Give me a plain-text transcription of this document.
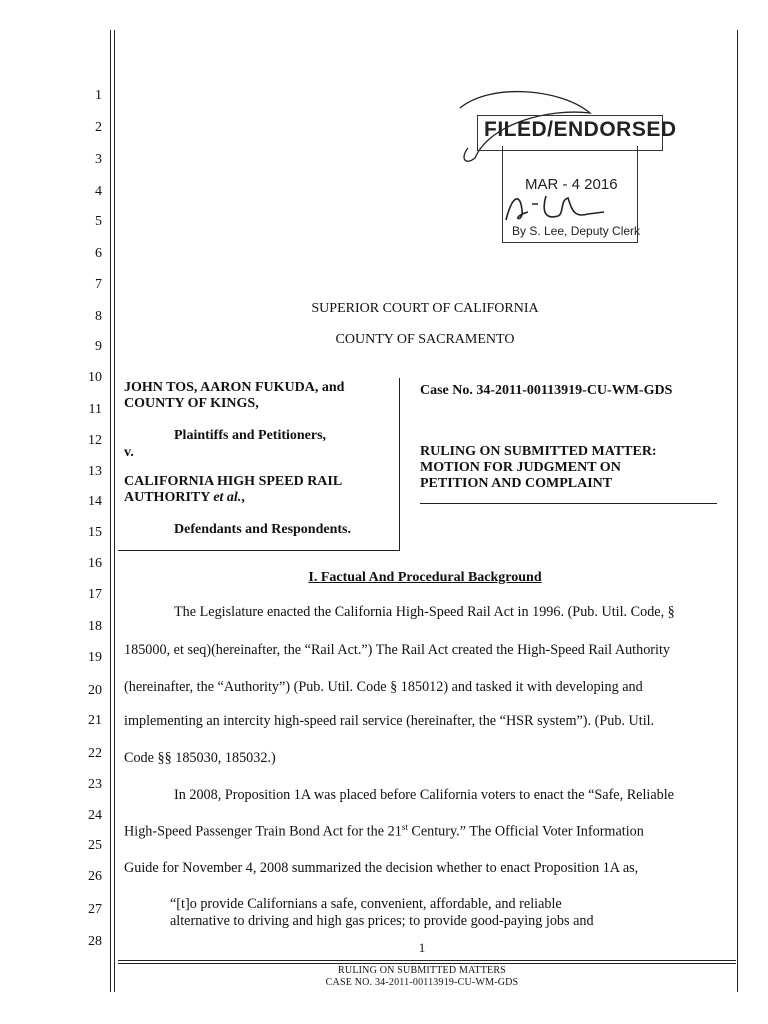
1
2
3
4
5
6
7
8
9
10
11
12
13
14
15
16
17
18
19
20
21
22
23
24
25
26
27
28
FILED/ENDORSED
MAR - 4 2016
By S. Lee, Deputy Clerk
SUPERIOR COURT OF CALIFORNIA
COUNTY OF SACRAMENTO
JOHN TOS, AARON FUKUDA, and
COUNTY OF KINGS,
Plaintiffs and Petitioners,
v.
CALIFORNIA HIGH SPEED RAIL
AUTHORITY et al.,
Defendants and Respondents.
Case No. 34-2011-00113919-CU-WM-GDS
RULING ON SUBMITTED MATTER:
MOTION FOR JUDGMENT ON
PETITION AND COMPLAINT
I. Factual And Procedural Background
The Legislature enacted the California High-Speed Rail Act in 1996. (Pub. Util. Code, §
185000, et seq)(hereinafter, the “Rail Act.”) The Rail Act created the High-Speed Rail Authority
(hereinafter, the “Authority”) (Pub. Util. Code § 185012) and tasked it with developing and
implementing an intercity high-speed rail service (hereinafter, the “HSR system”). (Pub. Util.
Code §§ 185030, 185032.)
In 2008, Proposition 1A was placed before California voters to enact the “Safe, Reliable
High-Speed Passenger Train Bond Act for the 21st Century.” The Official Voter Information
Guide for November 4, 2008 summarized the decision whether to enact Proposition 1A as,
“[t]o provide Californians a safe, convenient, affordable, and reliable
alternative to driving and high gas prices; to provide good-paying jobs and
1
RULING ON SUBMITTED MATTERS
CASE NO. 34-2011-00113919-CU-WM-GDS
